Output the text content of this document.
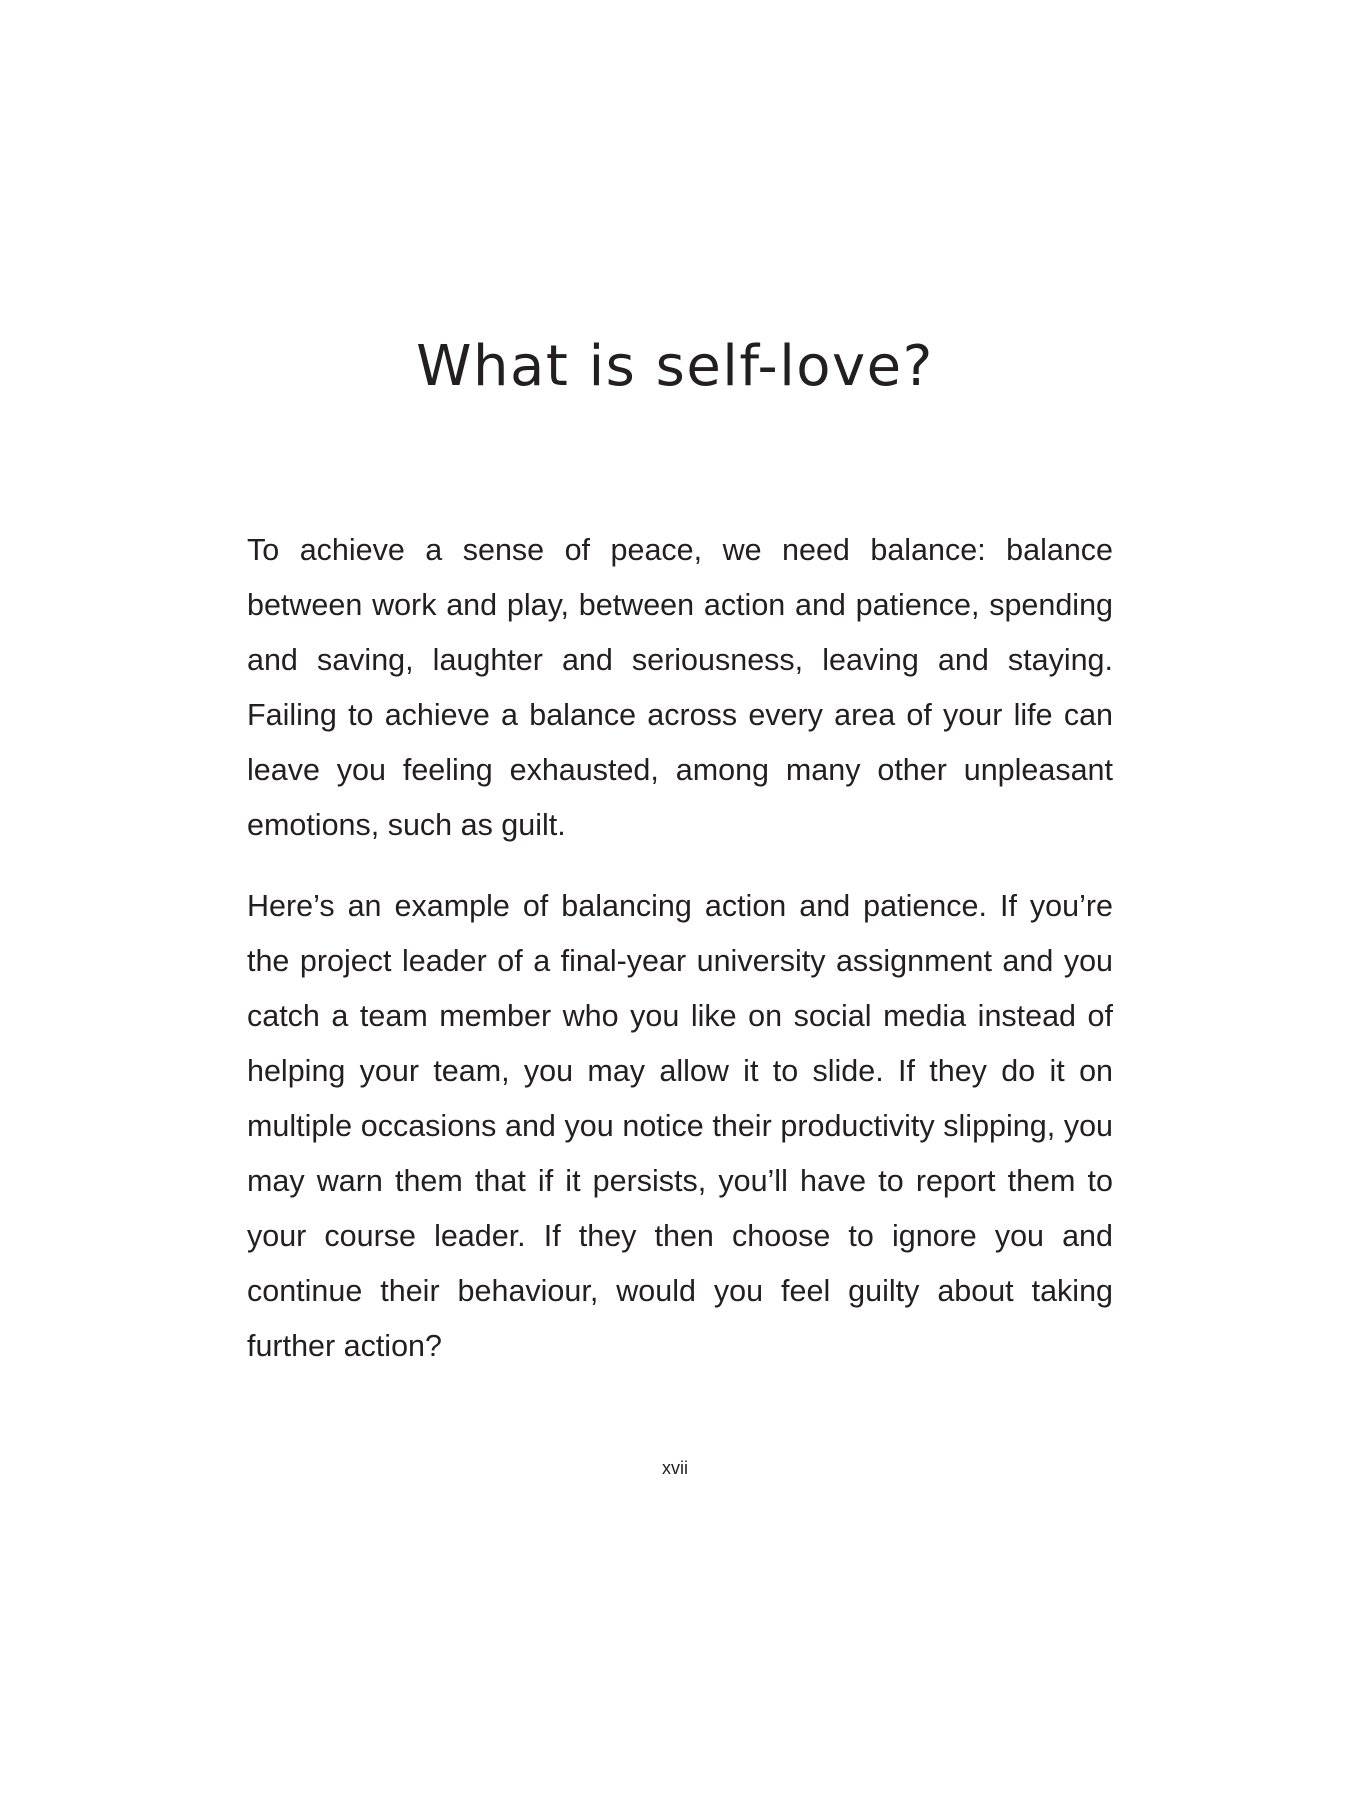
What is self-love?

To achieve a sense of peace, we need balance: balance between work and play, between action and patience, spending and saving, laughter and seriousness, leaving and staying. Failing to achieve a balance across every area of your life can leave you feeling exhausted, among many other unpleasant emotions, such as guilt.

Here’s an example of balancing action and patience. If you’re the project leader of a final-year university assignment and you catch a team member who you like on social media instead of helping your team, you may allow it to slide. If they do it on multiple occasions and you notice their productivity slipping, you may warn them that if it persists, you’ll have to report them to your course leader. If they then choose to ignore you and continue their behaviour, would you feel guilty about taking further action?

xvii
